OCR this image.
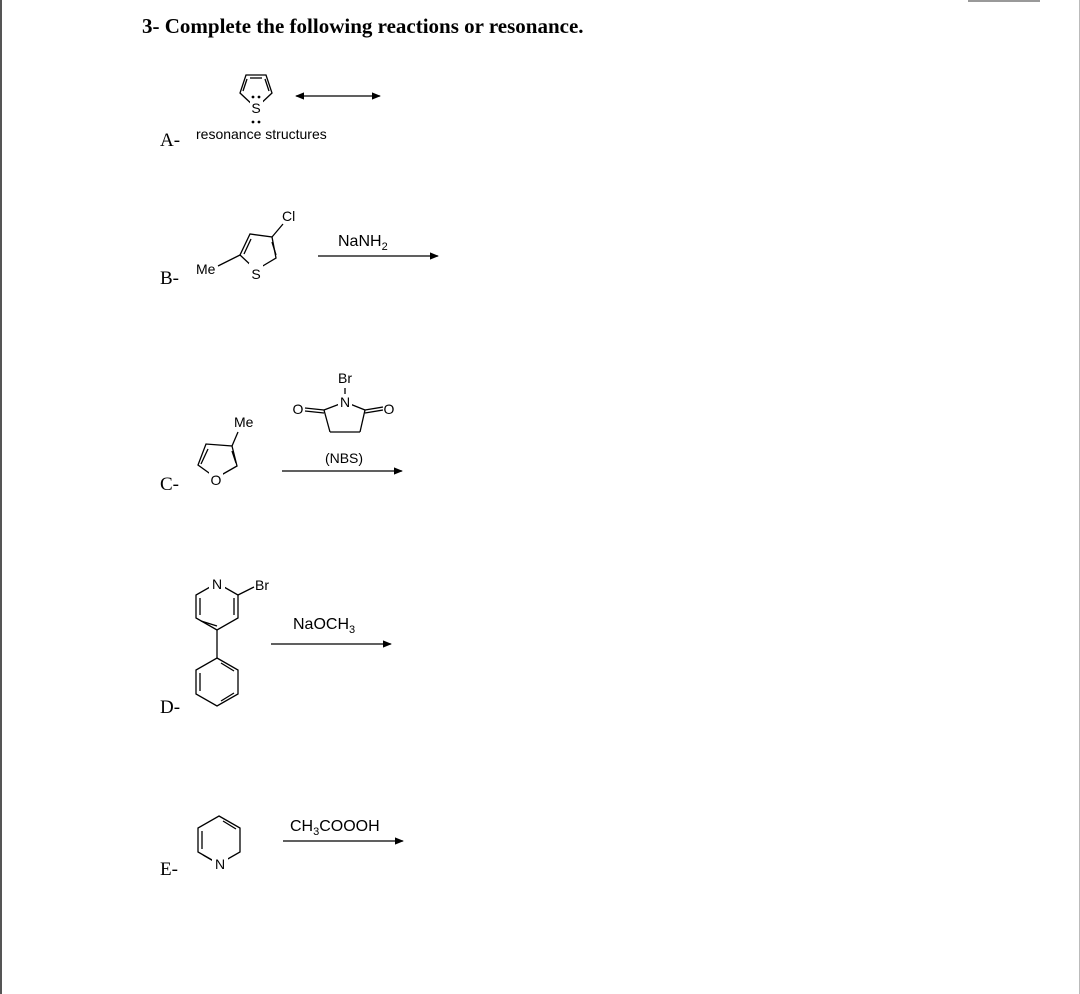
3- Complete the following reactions or resonance.
A-
B-
C-
D-
E-
S
resonance structures
S
Cl
Me
NaNH$_2$
O
Me
N
Br
O	O
(NBS)
N Br
NaOCH$_3$
N
$CH_3COOOH$
